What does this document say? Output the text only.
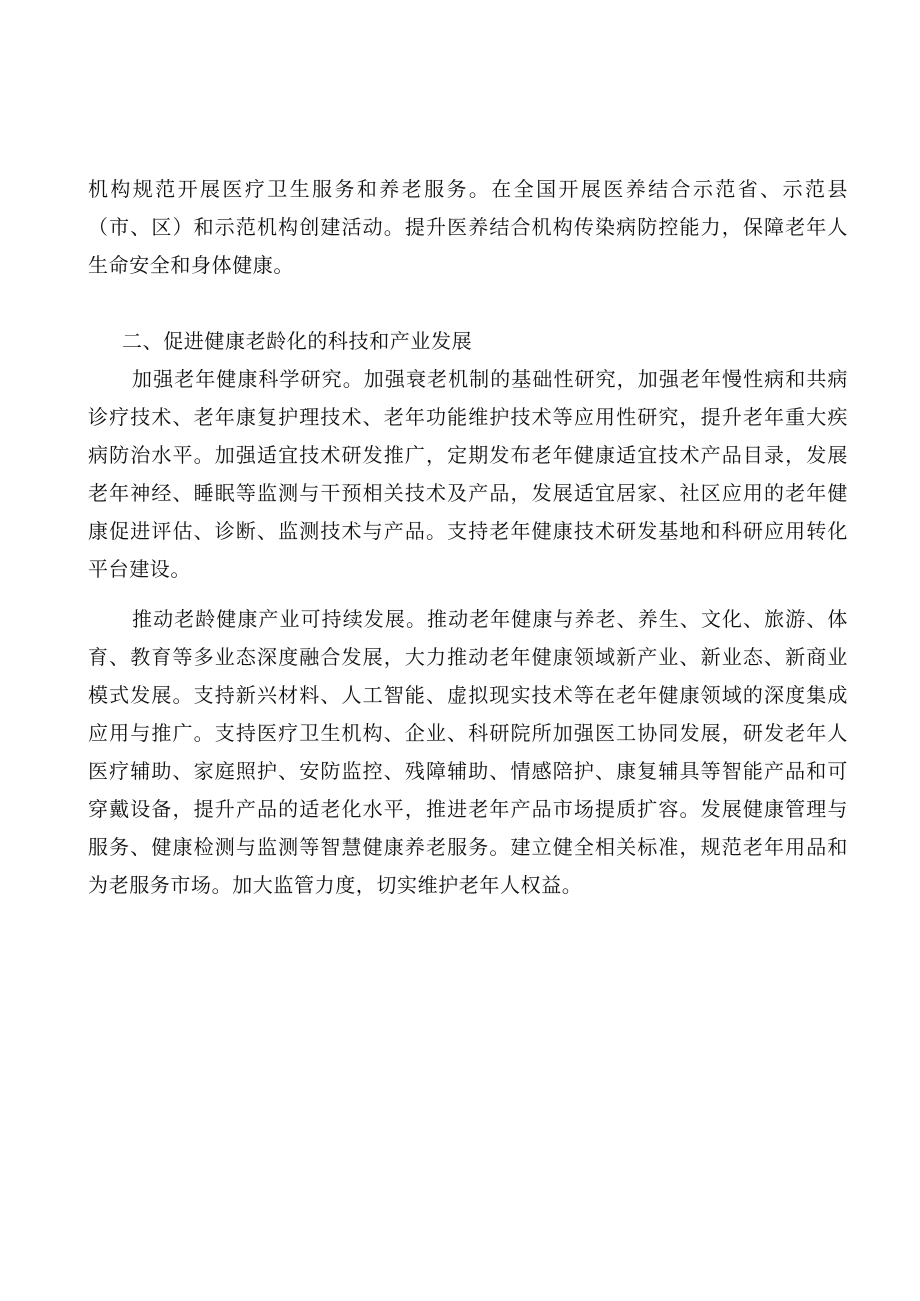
机构规范开展医疗卫生服务和养老服务。在全国开展医养结合示范省、示范县（市、区）和示范机构创建活动。提升医养结合机构传染病防控能力，保障老年人生命安全和身体健康。

二、促进健康老龄化的科技和产业发展

加强老年健康科学研究。加强衰老机制的基础性研究，加强老年慢性病和共病诊疗技术、老年康复护理技术、老年功能维护技术等应用性研究，提升老年重大疾病防治水平。加强适宜技术研发推广，定期发布老年健康适宜技术产品目录，发展老年神经、睡眠等监测与干预相关技术及产品，发展适宜居家、社区应用的老年健康促进评估、诊断、监测技术与产品。支持老年健康技术研发基地和科研应用转化平台建设。

推动老龄健康产业可持续发展。推动老年健康与养老、养生、文化、旅游、体育、教育等多业态深度融合发展，大力推动老年健康领域新产业、新业态、新商业模式发展。支持新兴材料、人工智能、虚拟现实技术等在老年健康领域的深度集成应用与推广。支持医疗卫生机构、企业、科研院所加强医工协同发展，研发老年人医疗辅助、家庭照护、安防监控、残障辅助、情感陪护、康复辅具等智能产品和可穿戴设备，提升产品的适老化水平，推进老年产品市场提质扩容。发展健康管理与服务、健康检测与监测等智慧健康养老服务。建立健全相关标准，规范老年用品和为老服务市场。加大监管力度，切实维护老年人权益。
